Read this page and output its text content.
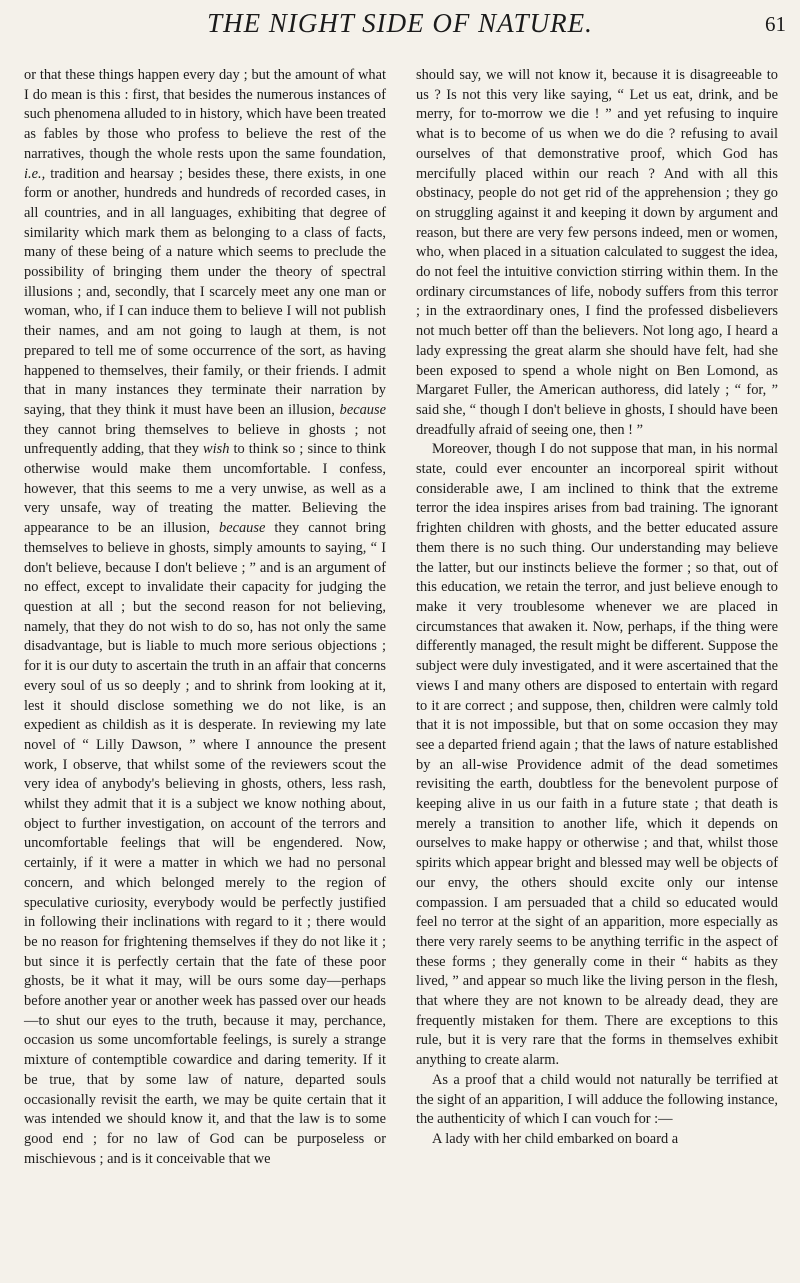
THE NIGHT SIDE OF NATURE.	61

or that these things happen every day ; but the amount of what I do mean is this : first, that besides the numerous instances of such phenomena alluded to in history, which have been treated as fables by those who profess to believe the rest of the narratives, though the whole rests upon the same foundation, i.e., tradition and hearsay ; besides these, there exists, in one form or another, hundreds and hundreds of recorded cases, in all countries, and in all languages, exhibiting that degree of similarity which mark them as belonging to a class of facts, many of these being of a nature which seems to preclude the possibility of bringing them under the theory of spectral illusions ; and, secondly, that I scarcely meet any one man or woman, who, if I can induce them to believe I will not publish their names, and am not going to laugh at them, is not prepared to tell me of some occurrence of the sort, as having happened to themselves, their family, or their friends. I admit that in many instances they terminate their narration by saying, that they think it must have been an illusion, because they cannot bring themselves to believe in ghosts ; not unfrequently adding, that they wish to think so ; since to think otherwise would make them uncomfortable. I confess, however, that this seems to me a very unwise, as well as a very unsafe, way of treating the matter. Believing the appearance to be an illusion, because they cannot bring themselves to believe in ghosts, simply amounts to saying, “ I don't believe, because I don't believe ; ” and is an argument of no effect, except to invalidate their capacity for judging the question at all ; but the second reason for not believing, namely, that they do not wish to do so, has not only the same disadvantage, but is liable to much more serious objections ; for it is our duty to ascertain the truth in an affair that concerns every soul of us so deeply ; and to shrink from looking at it, lest it should disclose something we do not like, is an expedient as childish as it is desperate. In reviewing my late novel of “ Lilly Dawson, ” where I announce the present work, I observe, that whilst some of the reviewers scout the very idea of anybody's believing in ghosts, others, less rash, whilst they admit that it is a subject we know nothing about, object to further investigation, on account of the terrors and uncomfortable feelings that will be engendered. Now, certainly, if it were a matter in which we had no personal concern, and which belonged merely to the region of speculative curiosity, everybody would be perfectly justified in following their inclinations with regard to it ; there would be no reason for frightening themselves if they do not like it ; but since it is perfectly certain that the fate of these poor ghosts, be it what it may, will be ours some day—perhaps before another year or another week has passed over our heads—to shut our eyes to the truth, because it may, perchance, occasion us some uncomfortable feelings, is surely a strange mixture of contemptible cowardice and daring temerity. If it be true, that by some law of nature, departed souls occasionally revisit the earth, we may be quite certain that it was intended we should know it, and that the law is to some good end ; for no law of God can be purposeless or mischievous ; and is it conceivable that we

should say, we will not know it, because it is disagreeable to us ? Is not this very like saying, “ Let us eat, drink, and be merry, for to-morrow we die ! ” and yet refusing to inquire what is to become of us when we do die ? refusing to avail ourselves of that demonstrative proof, which God has mercifully placed within our reach ? And with all this obstinacy, people do not get rid of the apprehension ; they go on struggling against it and keeping it down by argument and reason, but there are very few persons indeed, men or women, who, when placed in a situation calculated to suggest the idea, do not feel the intuitive conviction stirring within them. In the ordinary circumstances of life, nobody suffers from this terror ; in the extraordinary ones, I find the professed disbelievers not much better off than the believers. Not long ago, I heard a lady expressing the great alarm she should have felt, had she been exposed to spend a whole night on Ben Lomond, as Margaret Fuller, the American authoress, did lately ; “ for, ” said she, “ though I don't believe in ghosts, I should have been dreadfully afraid of seeing one, then ! ”

Moreover, though I do not suppose that man, in his normal state, could ever encounter an incorporeal spirit without considerable awe, I am inclined to think that the extreme terror the idea inspires arises from bad training. The ignorant frighten children with ghosts, and the better educated assure them there is no such thing. Our understanding may believe the latter, but our instincts believe the former ; so that, out of this education, we retain the terror, and just believe enough to make it very troublesome whenever we are placed in circumstances that awaken it. Now, perhaps, if the thing were differently managed, the result might be different. Suppose the subject were duly investigated, and it were ascertained that the views I and many others are disposed to entertain with regard to it are correct ; and suppose, then, children were calmly told that it is not impossible, but that on some occasion they may see a departed friend again ; that the laws of nature established by an all-wise Providence admit of the dead sometimes revisiting the earth, doubtless for the benevolent purpose of keeping alive in us our faith in a future state ; that death is merely a transition to another life, which it depends on ourselves to make happy or otherwise ; and that, whilst those spirits which appear bright and blessed may well be objects of our envy, the others should excite only our intense compassion. I am persuaded that a child so educated would feel no terror at the sight of an apparition, more especially as there very rarely seems to be anything terrific in the aspect of these forms ; they generally come in their “ habits as they lived, ” and appear so much like the living person in the flesh, that where they are not known to be already dead, they are frequently mistaken for them. There are exceptions to this rule, but it is very rare that the forms in themselves exhibit anything to create alarm.

As a proof that a child would not naturally be terrified at the sight of an apparition, I will adduce the following instance, the authenticity of which I can vouch for :—

A lady with her child embarked on board a
